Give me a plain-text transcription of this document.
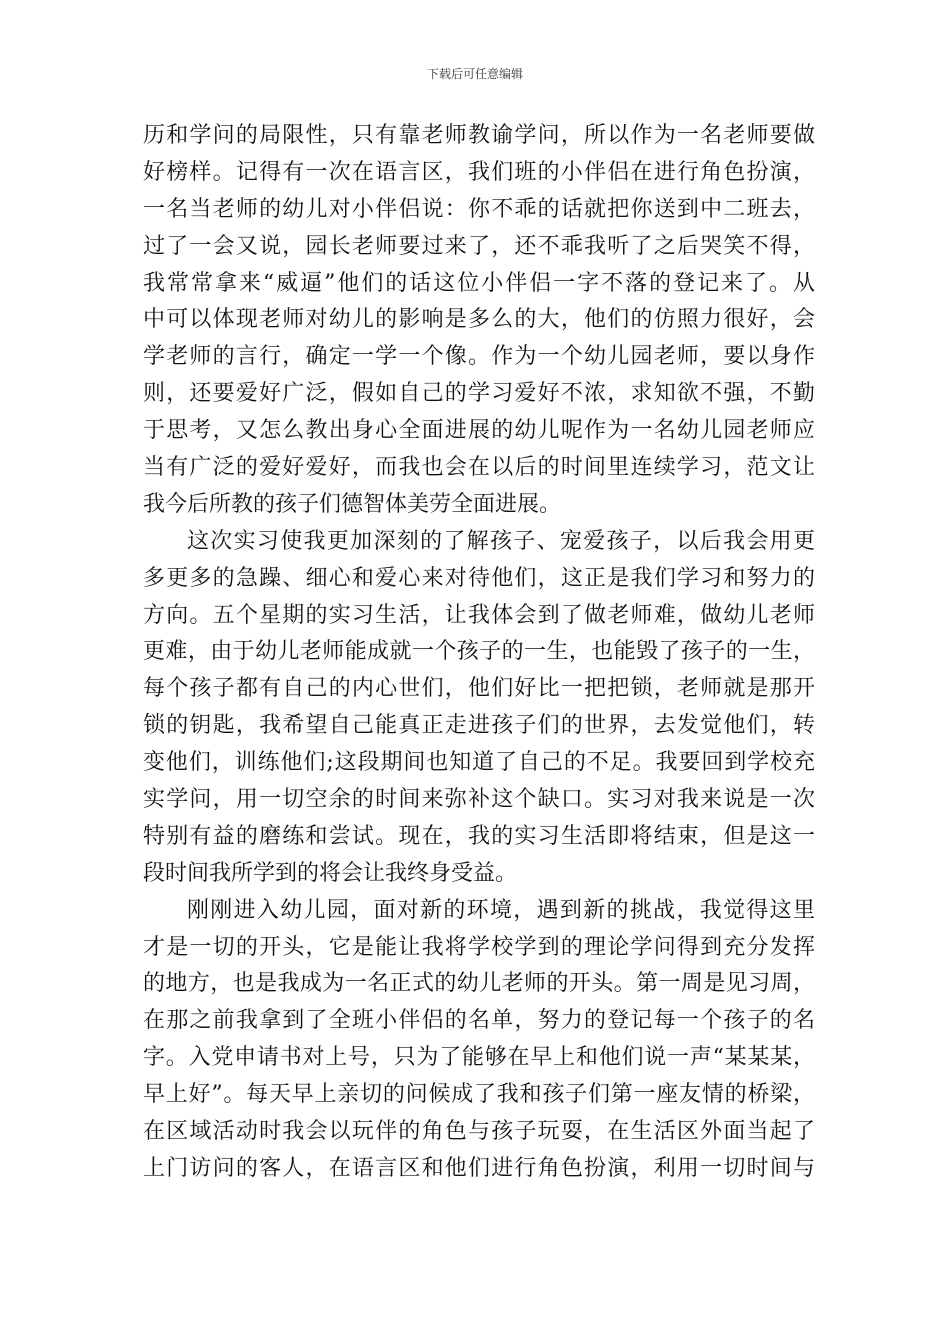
下载后可任意编辑
历和学问的局限性，只有靠老师教谕学问，所以作为一名老师要做
好榜样。记得有一次在语言区，我们班的小伴侣在进行角色扮演，
一名当老师的幼儿对小伴侣说：你不乖的话就把你送到中二班去，
过了一会又说，园长老师要过来了，还不乖我听了之后哭笑不得，
我常常拿来“威逼”他们的话这位小伴侣一字不落的登记来了。从
中可以体现老师对幼儿的影响是多么的大，他们的仿照力很好，会
学老师的言行，确定一学一个像。作为一个幼儿园老师，要以身作
则，还要爱好广泛，假如自己的学习爱好不浓，求知欲不强，不勤
于思考，又怎么教出身心全面进展的幼儿呢作为一名幼儿园老师应
当有广泛的爱好爱好，而我也会在以后的时间里连续学习，范文让
我今后所教的孩子们德智体美劳全面进展。
这次实习使我更加深刻的了解孩子、宠爱孩子，以后我会用更
多更多的急躁、细心和爱心来对待他们，这正是我们学习和努力的
方向。五个星期的实习生活，让我体会到了做老师难，做幼儿老师
更难，由于幼儿老师能成就一个孩子的一生，也能毁了孩子的一生，
每个孩子都有自己的内心世们，他们好比一把把锁，老师就是那开
锁的钥匙，我希望自己能真正走进孩子们的世界，去发觉他们，转
变他们，训练他们;这段期间也知道了自己的不足。我要回到学校充
实学问，用一切空余的时间来弥补这个缺口。实习对我来说是一次
特别有益的磨练和尝试。现在，我的实习生活即将结束，但是这一
段时间我所学到的将会让我终身受益。
刚刚进入幼儿园，面对新的环境，遇到新的挑战，我觉得这里
才是一切的开头，它是能让我将学校学到的理论学问得到充分发挥
的地方，也是我成为一名正式的幼儿老师的开头。第一周是见习周，
在那之前我拿到了全班小伴侣的名单，努力的登记每一个孩子的名
字。入党申请书对上号，只为了能够在早上和他们说一声“某某某，
早上好”。每天早上亲切的问候成了我和孩子们第一座友情的桥梁，
在区域活动时我会以玩伴的角色与孩子玩耍，在生活区外面当起了
上门访问的客人，在语言区和他们进行角色扮演，利用一切时间与
